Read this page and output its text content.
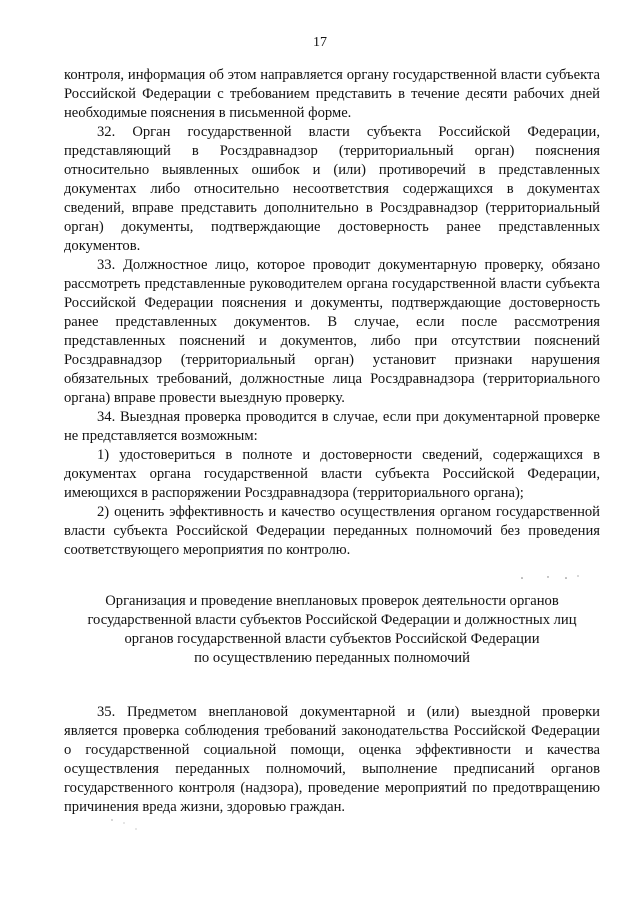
17

контроля, информация об этом направляется органу государственной власти субъекта Российской Федерации с требованием представить в течение десяти рабочих дней необходимые пояснения в письменной форме.

32. Орган государственной власти субъекта Российской Федерации, представляющий в Росздравнадзор (территориальный орган) пояснения относительно выявленных ошибок и (или) противоречий в представленных документах либо относительно несоответствия содержащихся в документах сведений, вправе представить дополнительно в Росздравнадзор (территориальный орган) документы, подтверждающие достоверность ранее представленных документов.

33. Должностное лицо, которое проводит документарную проверку, обязано рассмотреть представленные руководителем органа государственной власти субъекта Российской Федерации пояснения и документы, подтверждающие достоверность ранее представленных документов. В случае, если после рассмотрения представленных пояснений и документов, либо при отсутствии пояснений Росздравнадзор (территориальный орган) установит признаки нарушения обязательных требований, должностные лица Росздравнадзора (территориального органа) вправе провести выездную проверку.

34. Выездная проверка проводится в случае, если при документарной проверке не представляется возможным:

1) удостовериться в полноте и достоверности сведений, содержащихся в документах органа государственной власти субъекта Российской Федерации, имеющихся в распоряжении Росздравнадзора (территориального органа);

2) оценить эффективность и качество осуществления органом государственной власти субъекта Российской Федерации переданных полномочий без проведения соответствующего мероприятия по контролю.

Организация и проведение внеплановых проверок деятельности органов
государственной власти субъектов Российской Федерации и должностных лиц
органов государственной власти субъектов Российской Федерации
по осуществлению переданных полномочий

35. Предметом внеплановой документарной и (или) выездной проверки является проверка соблюдения требований законодательства Российской Федерации о государственной социальной помощи, оценка эффективности и качества осуществления переданных полномочий, выполнение предписаний органов государственного контроля (надзора), проведение мероприятий по предотвращению причинения вреда жизни, здоровью граждан.
